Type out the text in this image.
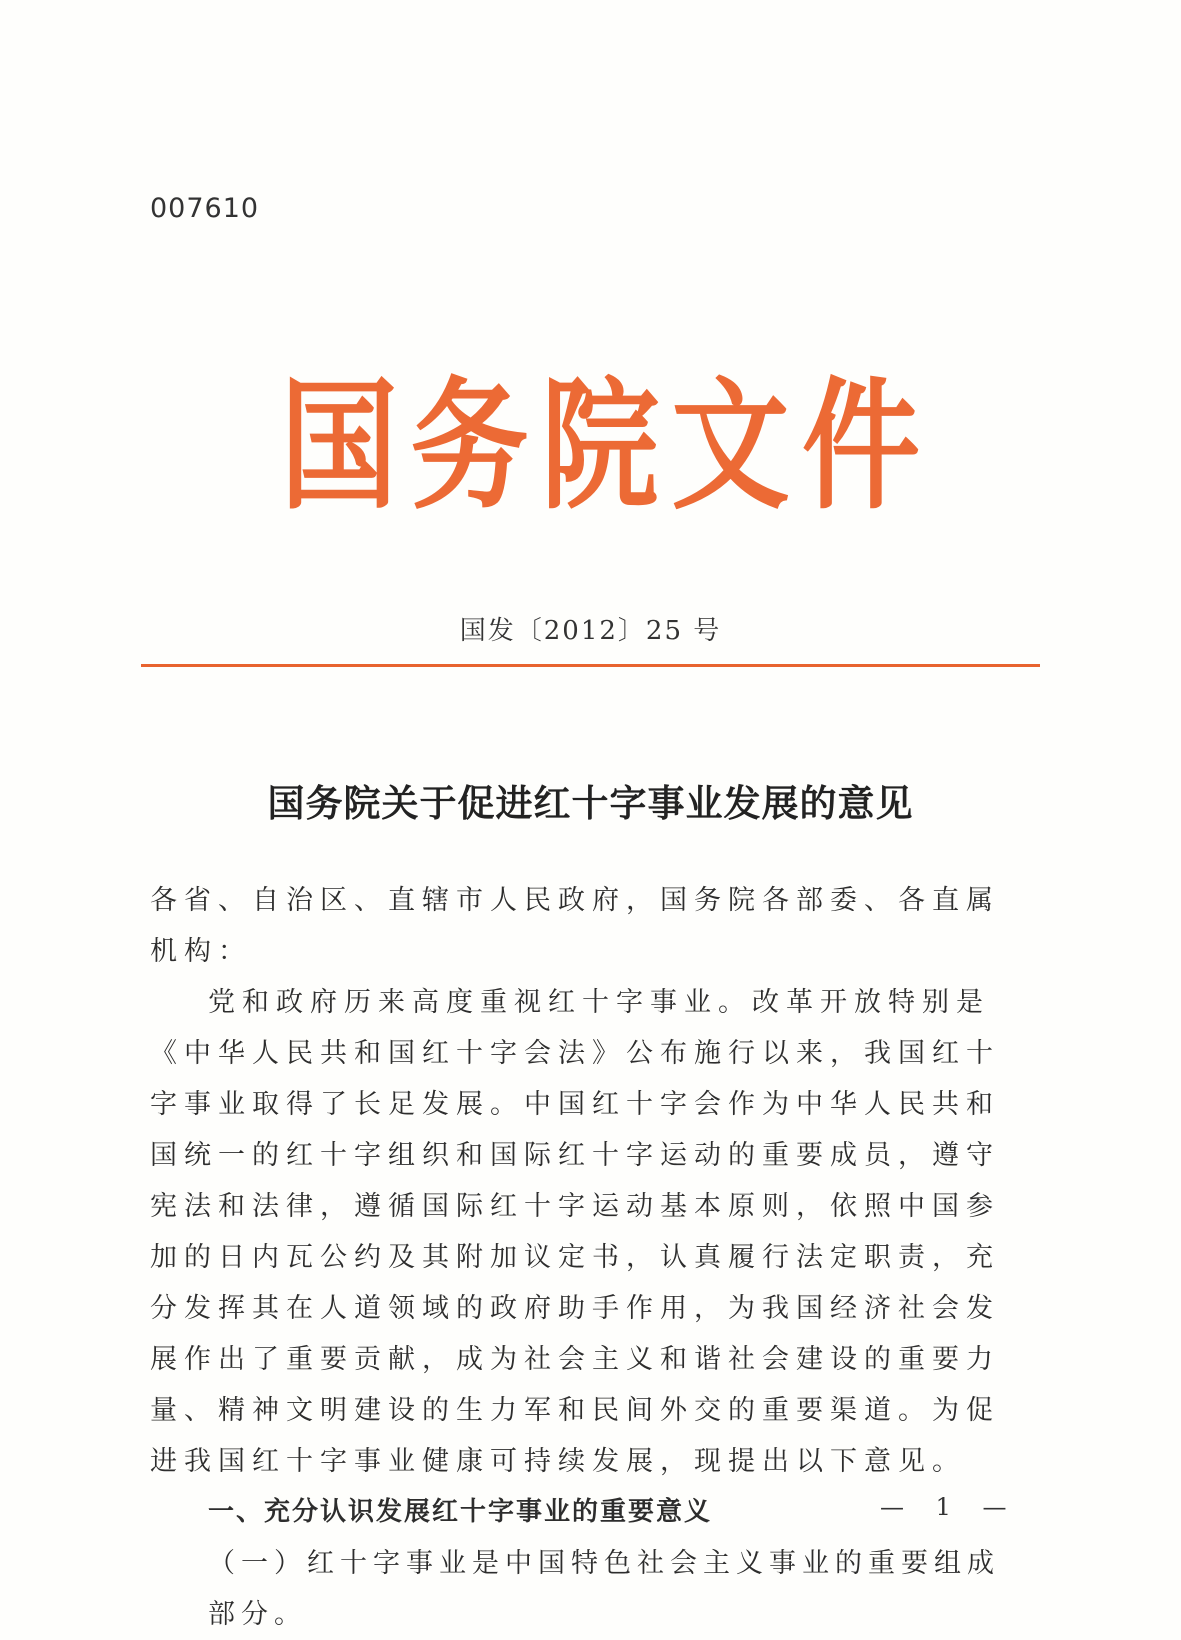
007610
国 务 院 文 件
国发〔2012〕25 号
国务院关于促进红十字事业发展的意见

各省、自治区、直辖市人民政府，国务院各部委、各直属机构：

党和政府历来高度重视红十字事业。改革开放特别是《中华人民共和国红十字会法》公布施行以来，我国红十字事业取得了长足发展。中国红十字会作为中华人民共和国统一的红十字组织和国际红十字运动的重要成员，遵守宪法和法律，遵循国际红十字运动基本原则，依照中国参加的日内瓦公约及其附加议定书，认真履行法定职责，充分发挥其在人道领域的政府助手作用，为我国经济社会发展作出了重要贡献，成为社会主义和谐社会建设的重要力量、精神文明建设的生力军和民间外交的重要渠道。为促进我国红十字事业健康可持续发展，现提出以下意见。

一、充分认识发展红十字事业的重要意义

（一）红十字事业是中国特色社会主义事业的重要组成部分。

— 1 —
